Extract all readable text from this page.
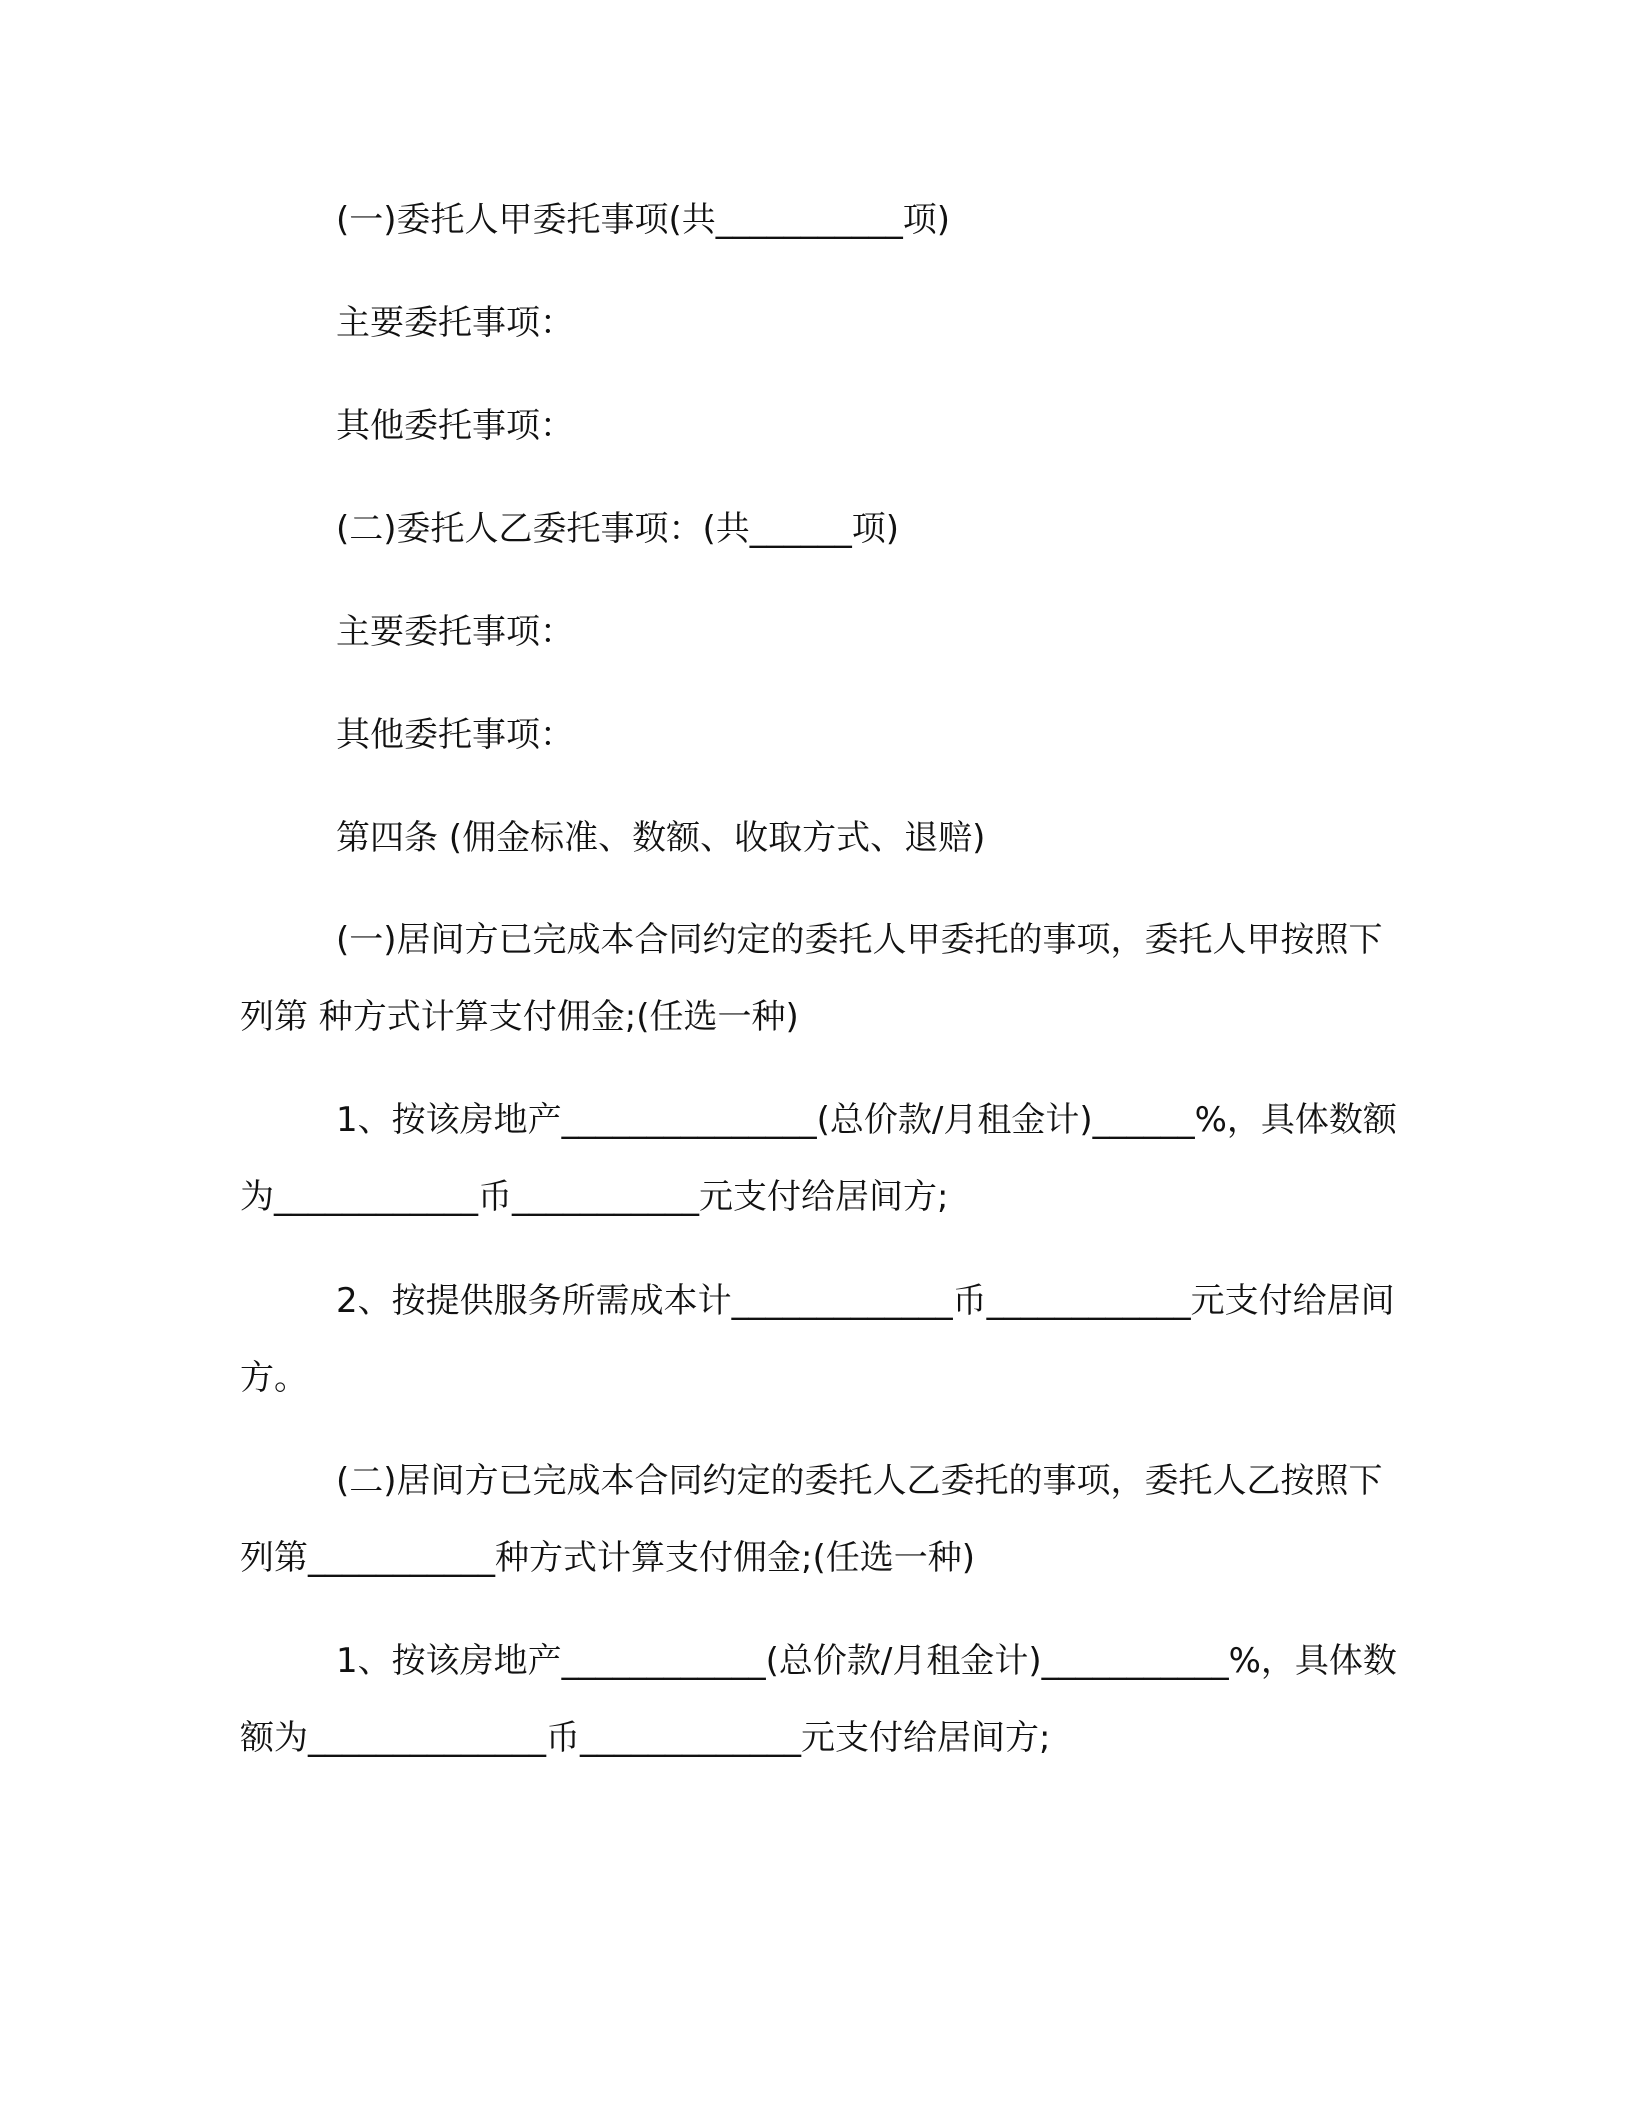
(一)委托人甲委托事项(共___________项)

主要委托事项：

其他委托事项：

(二)委托人乙委托事项：(共______项)

主要委托事项：

其他委托事项：

第四条 (佣金标准、数额、收取方式、退赔)

(一)居间方已完成本合同约定的委托人甲委托的事项，委托人甲按照下列第 种方式计算支付佣金;(任选一种)

1、按该房地产_______________(总价款/月租金计)______%，具体数额为____________币___________元支付给居间方;

2、按提供服务所需成本计_____________币____________元支付给居间方。

(二)居间方已完成本合同约定的委托人乙委托的事项，委托人乙按照下列第___________种方式计算支付佣金;(任选一种)

1、按该房地产____________(总价款/月租金计)___________%，具体数额为______________币_____________元支付给居间方;
